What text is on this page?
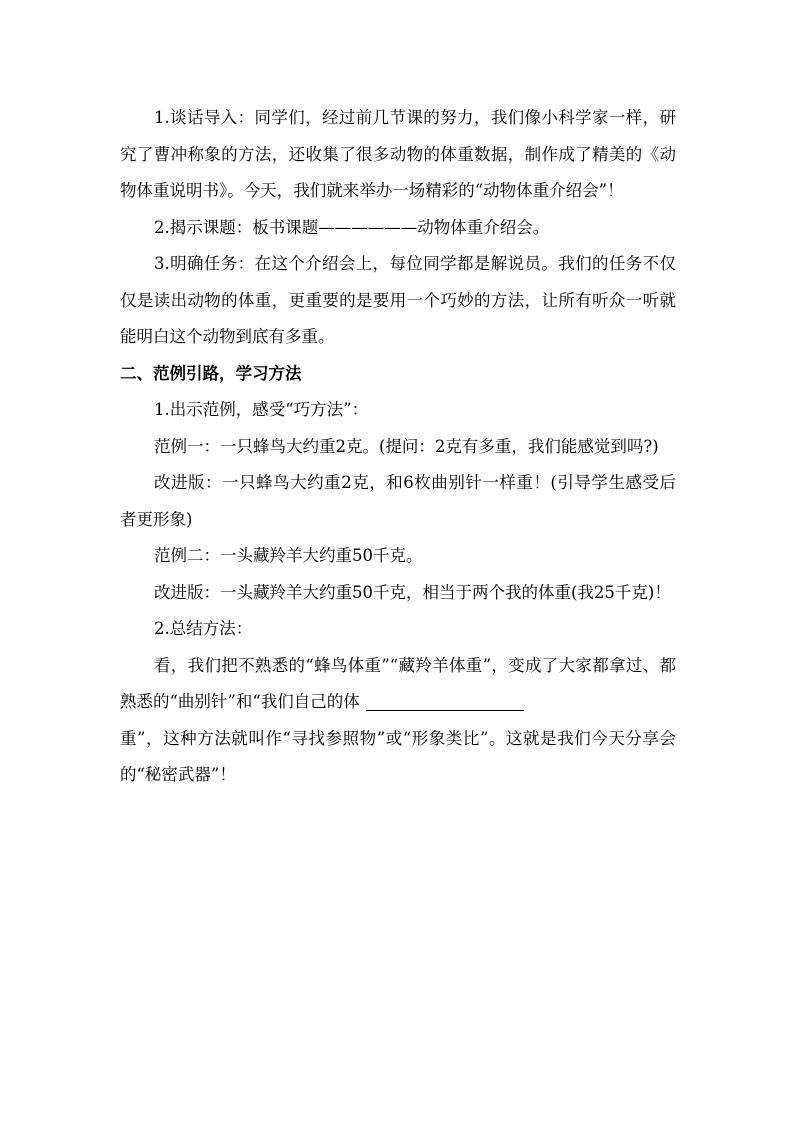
1.谈话导入：同学们，经过前几节课的努力，我们像小科学家一样，研究了曹冲称象的方法，还收集了很多动物的体重数据，制作成了精美的《动物体重说明书》。今天，我们就来举办一场精彩的“动物体重介绍会”！

2.揭示课题：板书课题——————动物体重介绍会。

3.明确任务：在这个介绍会上，每位同学都是解说员。我们的任务不仅仅是读出动物的体重，更重要的是要用一个巧妙的方法，让所有听众一听就能明白这个动物到底有多重。

二、范例引路，学习方法

1.出示范例，感受“巧方法”：

范例一：一只蜂鸟大约重2克。(提问：2克有多重，我们能感觉到吗?)

改进版：一只蜂鸟大约重2克，和6枚曲别针一样重！(引导学生感受后者更形象)

范例二：一头藏羚羊大约重50千克。

改进版：一头藏羚羊大约重50千克，相当于两个我的体重(我25千克)！

2.总结方法：

看，我们把不熟悉的“蜂鸟体重”“藏羚羊体重”，变成了大家都拿过、都熟悉的“曲别针”和“我们自己的体
重”，这种方法就叫作“寻找参照物”或“形象类比”。这就是我们今天分享会的“秘密武器”！
